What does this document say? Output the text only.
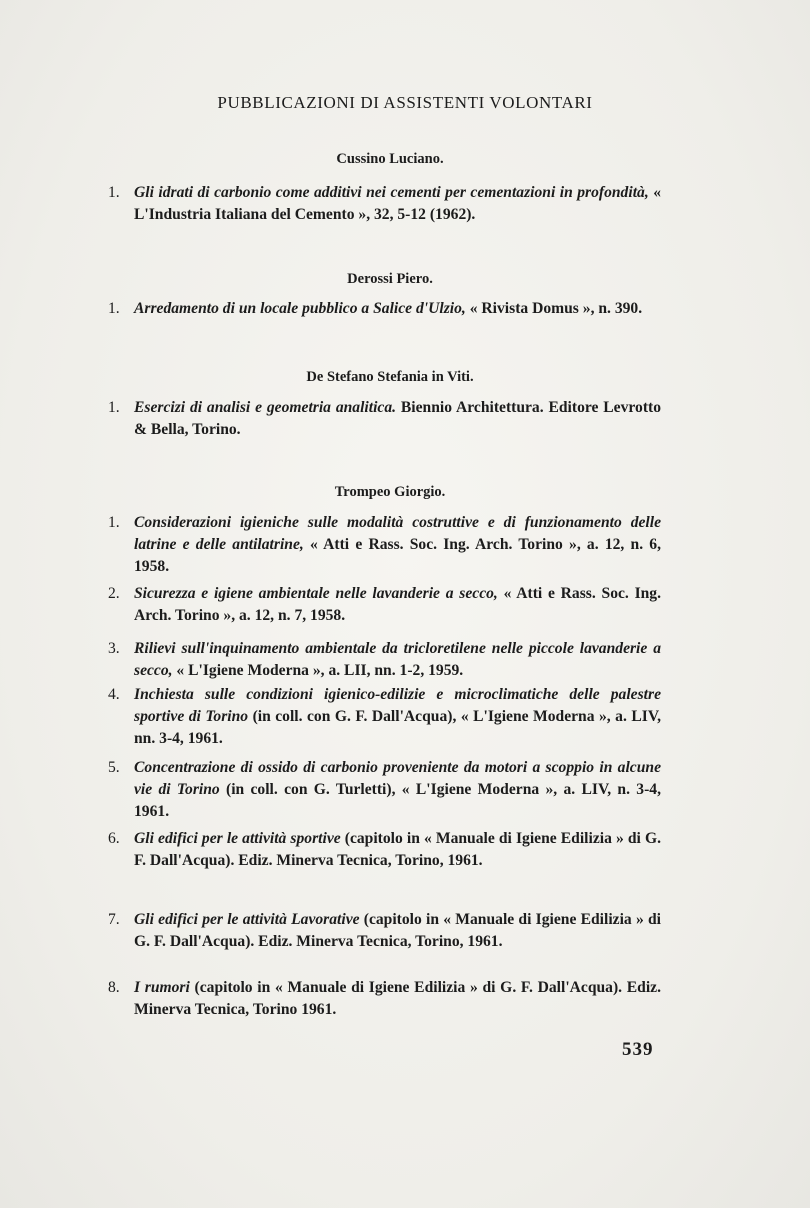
PUBBLICAZIONI DI ASSISTENTI VOLONTARI
Cussino Luciano.
1. Gli idrati di carbonio come additivi nei cementi per cementazioni in profondità, « L'Industria Italiana del Cemento », 32, 5-12 (1962).
Derossi Piero.
1. Arredamento di un locale pubblico a Salice d'Ulzio, « Rivista Domus », n. 390.
De Stefano Stefania in Viti.
1. Esercizi di analisi e geometria analitica. Biennio Architettura. Editore Levrotto & Bella, Torino.
Trompeo Giorgio.
1. Considerazioni igieniche sulle modalità costruttive e di funzionamento delle latrine e delle antilatrine, « Atti e Rass. Soc. Ing. Arch. Torino », a. 12, n. 6, 1958.
2. Sicurezza e igiene ambientale nelle lavanderie a secco, « Atti e Rass. Soc. Ing. Arch. Torino », a. 12, n. 7, 1958.
3. Rilievi sull'inquinamento ambientale da tricloretilene nelle piccole lavanderie a secco, « L'Igiene Moderna », a. LII, nn. 1-2, 1959.
4. Inchiesta sulle condizioni igienico-edilizie e microclimatiche delle palestre sportive di Torino (in coll. con G. F. Dall'Acqua), « L'Igiene Moderna », a. LIV, nn. 3-4, 1961.
5. Concentrazione di ossido di carbonio proveniente da motori a scoppio in alcune vie di Torino (in coll. con G. Turletti), « L'Igiene Moderna », a. LIV, n. 3-4, 1961.
6. Gli edifici per le attività sportive (capitolo in « Manuale di Igiene Edilizia » di G. F. Dall'Acqua). Ediz. Minerva Tecnica, Torino, 1961.
7. Gli edifici per le attività Lavorative (capitolo in « Manuale di Igiene Edilizia » di G. F. Dall'Acqua). Ediz. Minerva Tecnica, Torino, 1961.
8. I rumori (capitolo in « Manuale di Igiene Edilizia » di G. F. Dall'Acqua). Ediz. Minerva Tecnica, Torino 1961.
539
